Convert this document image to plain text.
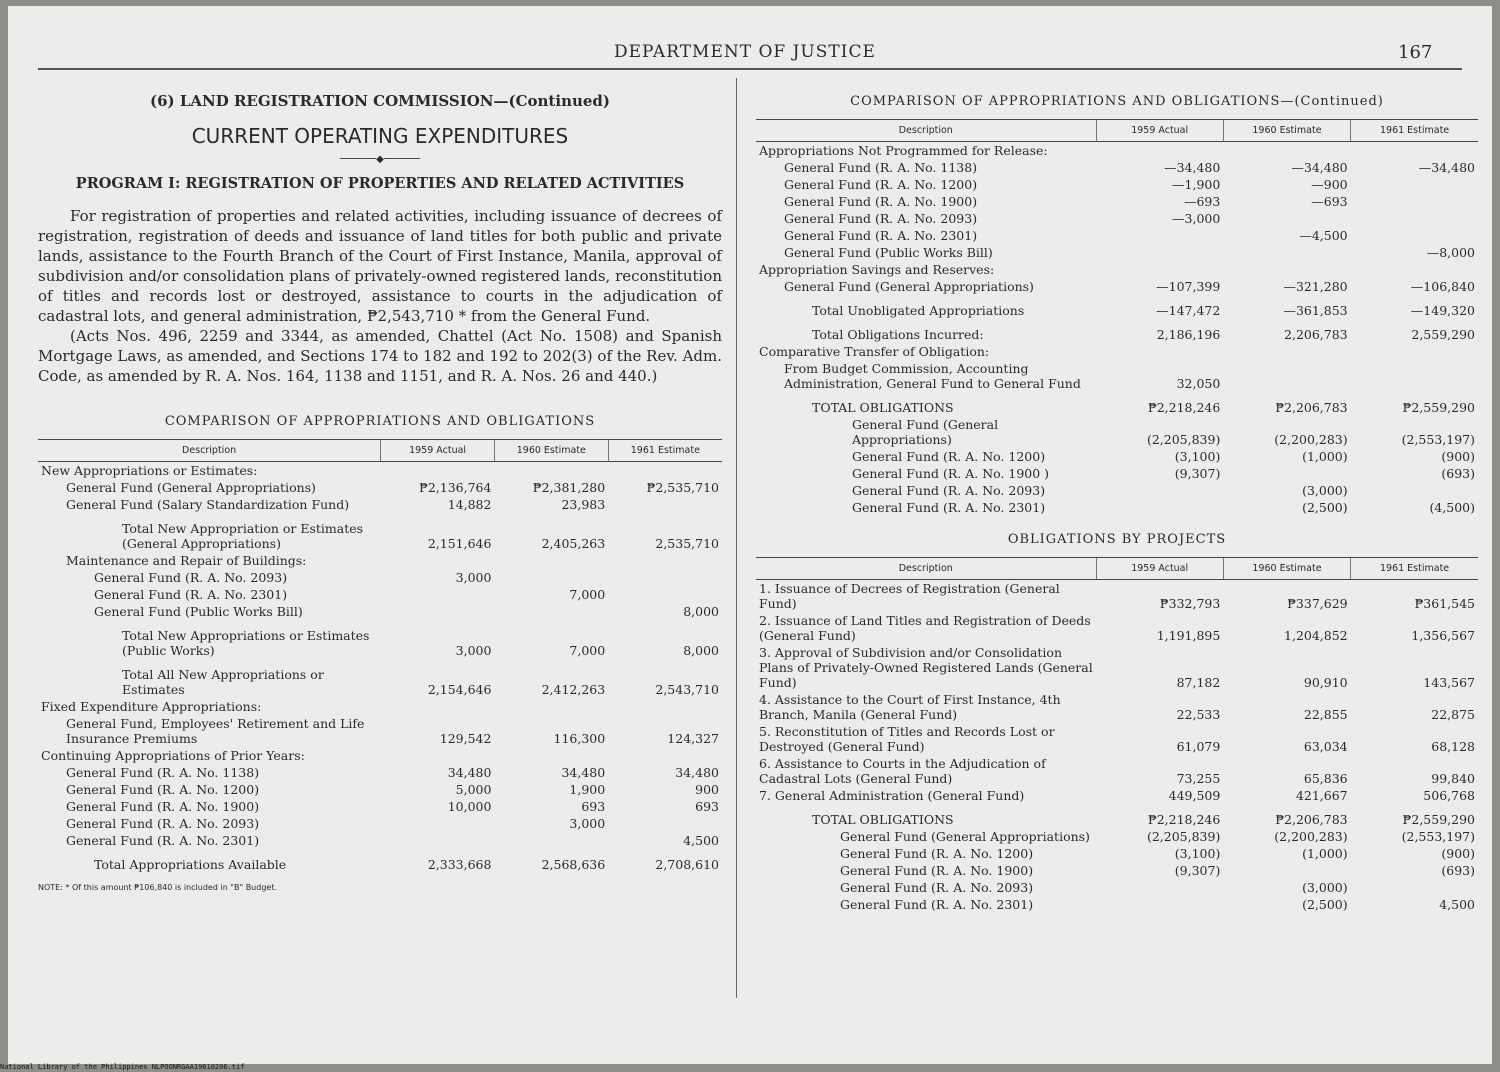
DEPARTMENT OF JUSTICE	167
(6) LAND REGISTRATION COMMISSION—(Continued)
CURRENT OPERATING EXPENDITURES
──────◆──────
PROGRAM I: REGISTRATION OF PROPERTIES AND RELATED ACTIVITIES

For registration of properties and related activities, including issuance of decrees of registration, registration of deeds and issuance of land titles for both public and private lands, assistance to the Fourth Branch of the Court of First Instance, Manila, approval of subdivision and/or consolidation plans of privately-owned registered lands, reconstitution of titles and records lost or destroyed, assistance to courts in the adjudication of cadastral lots, and general administration, ₱2,543,710 * from the General Fund.

(Acts Nos. 496, 2259 and 3344, as amended, Chattel (Act No. 1508) and Spanish Mortgage Laws, as amended, and Sections 174 to 182 and 192 to 202(3) of the Rev. Adm. Code, as amended by R. A. Nos. 164, 1138 and 1151, and R. A. Nos. 26 and 440.)

COMPARISON OF APPROPRIATIONS AND OBLIGATIONS
Description	1959 Actual	1960 Estimate	1961 Estimate
New Appropriations or Estimates:			
General Fund (General Appropriations)	₱2,136,764	₱2,381,280	₱2,535,710
General Fund (Salary Standardization Fund)	14,882	23,983	
Total New Appropriation or Estimates (General Appropriations)	2,151,646	2,405,263	2,535,710
Maintenance and Repair of Buildings:			
General Fund (R. A. No. 2093)	3,000		
General Fund (R. A. No. 2301)		7,000	
General Fund (Public Works Bill)			8,000
Total New Appropriations or Estimates (Public Works)	3,000	7,000	8,000
Total All New Appropriations or Estimates	2,154,646	2,412,263	2,543,710
Fixed Expenditure Appropriations:			
General Fund, Employees' Retirement and Life Insurance Premiums	129,542	116,300	124,327
Continuing Appropriations of Prior Years:			
General Fund (R. A. No. 1138)	34,480	34,480	34,480
General Fund (R. A. No. 1200)	5,000	1,900	900
General Fund (R. A. No. 1900)	10,000	693	693
General Fund (R. A. No. 2093)		3,000	
General Fund (R. A. No. 2301)			4,500
Total Appropriations Available	2,333,668	2,568,636	2,708,610
NOTE: * Of this amount ₱106,840 is included in "B" Budget.
COMPARISON OF APPROPRIATIONS AND OBLIGATIONS—(Continued)
Description	1959 Actual	1960 Estimate	1961 Estimate
Appropriations Not Programmed for Release:			
General Fund (R. A. No. 1138)	—34,480	—34,480	—34,480
General Fund (R. A. No. 1200)	—1,900	—900	
General Fund (R. A. No. 1900)	—693	—693	
General Fund (R. A. No. 2093)	—3,000		
General Fund (R. A. No. 2301)		—4,500	
General Fund (Public Works Bill)			—8,000
Appropriation Savings and Reserves:			
General Fund (General Appropriations)	—107,399	—321,280	—106,840
Total Unobligated Appropriations	—147,472	—361,853	—149,320
Total Obligations Incurred:	2,186,196	2,206,783	2,559,290
Comparative Transfer of Obligation:			
From Budget Commission, Accounting Administration, General Fund to General Fund	32,050		
TOTAL OBLIGATIONS	₱2,218,246	₱2,206,783	₱2,559,290
General Fund (General Appropriations)	(2,205,839)	(2,200,283)	(2,553,197)
General Fund (R. A. No. 1200)	(3,100)	(1,000)	(900)
General Fund (R. A. No. 1900 )	(9,307)		(693)
General Fund (R. A. No. 2093)		(3,000)	
General Fund (R. A. No. 2301)		(2,500)	(4,500)
OBLIGATIONS BY PROJECTS
Description	1959 Actual	1960 Estimate	1961 Estimate
1. Issuance of Decrees of Registration (General Fund)	₱332,793	₱337,629	₱361,545
2. Issuance of Land Titles and Registration of Deeds (General Fund)	1,191,895	1,204,852	1,356,567
3. Approval of Subdivision and/or Consolidation Plans of Privately-Owned Registered Lands (General Fund)	87,182	90,910	143,567
4. Assistance to the Court of First Instance, 4th Branch, Manila (General Fund)	22,533	22,855	22,875
5. Reconstitution of Titles and Records Lost or Destroyed (General Fund)	61,079	63,034	68,128
6. Assistance to Courts in the Adjudication of Cadastral Lots (General Fund)	73,255	65,836	99,840
7. General Administration (General Fund)	449,509	421,667	506,768
TOTAL OBLIGATIONS	₱2,218,246	₱2,206,783	₱2,559,290
General Fund (General Appropriations)	(2,205,839)	(2,200,283)	(2,553,197)
General Fund (R. A. No. 1200)	(3,100)	(1,000)	(900)
General Fund (R. A. No. 1900)	(9,307)		(693)
General Fund (R. A. No. 2093)		(3,000)	
General Fund (R. A. No. 2301)		(2,500)	4,500
National Library of the Philippines NLPOONRGAA19610206.tif
